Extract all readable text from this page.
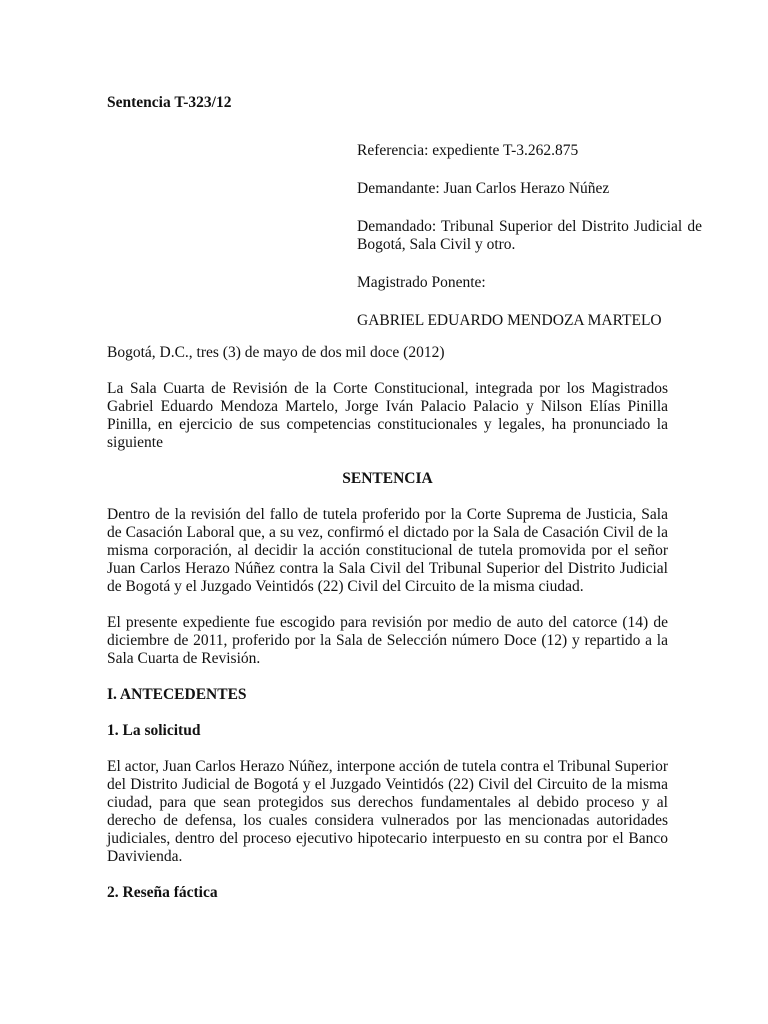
Sentencia T-323/12

Referencia: expediente T-3.262.875

Demandante: Juan Carlos Herazo Núñez

Demandado: Tribunal Superior del Distrito Judicial de Bogotá, Sala Civil y otro.

Magistrado Ponente:

GABRIEL EDUARDO MENDOZA MARTELO

Bogotá, D.C., tres (3) de mayo de dos mil doce (2012)

La Sala Cuarta de Revisión de la Corte Constitucional, integrada por los Magistrados Gabriel Eduardo Mendoza Martelo, Jorge Iván Palacio Palacio y Nilson Elías Pinilla Pinilla, en ejercicio de sus competencias constitucionales y legales, ha pronunciado la siguiente

SENTENCIA

Dentro de la revisión del fallo de tutela proferido por la Corte Suprema de Justicia, Sala de Casación Laboral que, a su vez, confirmó el dictado por la Sala de Casación Civil de la misma corporación, al decidir la acción constitucional de tutela promovida por el señor Juan Carlos Herazo Núñez contra la Sala Civil del Tribunal Superior del Distrito Judicial de Bogotá y el Juzgado Veintidós (22) Civil del Circuito de la misma ciudad.

El presente expediente fue escogido para revisión por medio de auto del catorce (14) de diciembre de 2011, proferido por la Sala de Selección número Doce (12) y repartido a la Sala Cuarta de Revisión.

I. ANTECEDENTES
1. La solicitud

El actor, Juan Carlos Herazo Núñez, interpone acción de tutela contra el Tribunal Superior del Distrito Judicial de Bogotá y el Juzgado Veintidós (22) Civil del Circuito de la misma ciudad, para que sean protegidos sus derechos fundamentales al debido proceso y al derecho de defensa, los cuales considera vulnerados por las mencionadas autoridades judiciales, dentro del proceso ejecutivo hipotecario interpuesto en su contra por el Banco Davivienda.

2. Reseña fáctica
